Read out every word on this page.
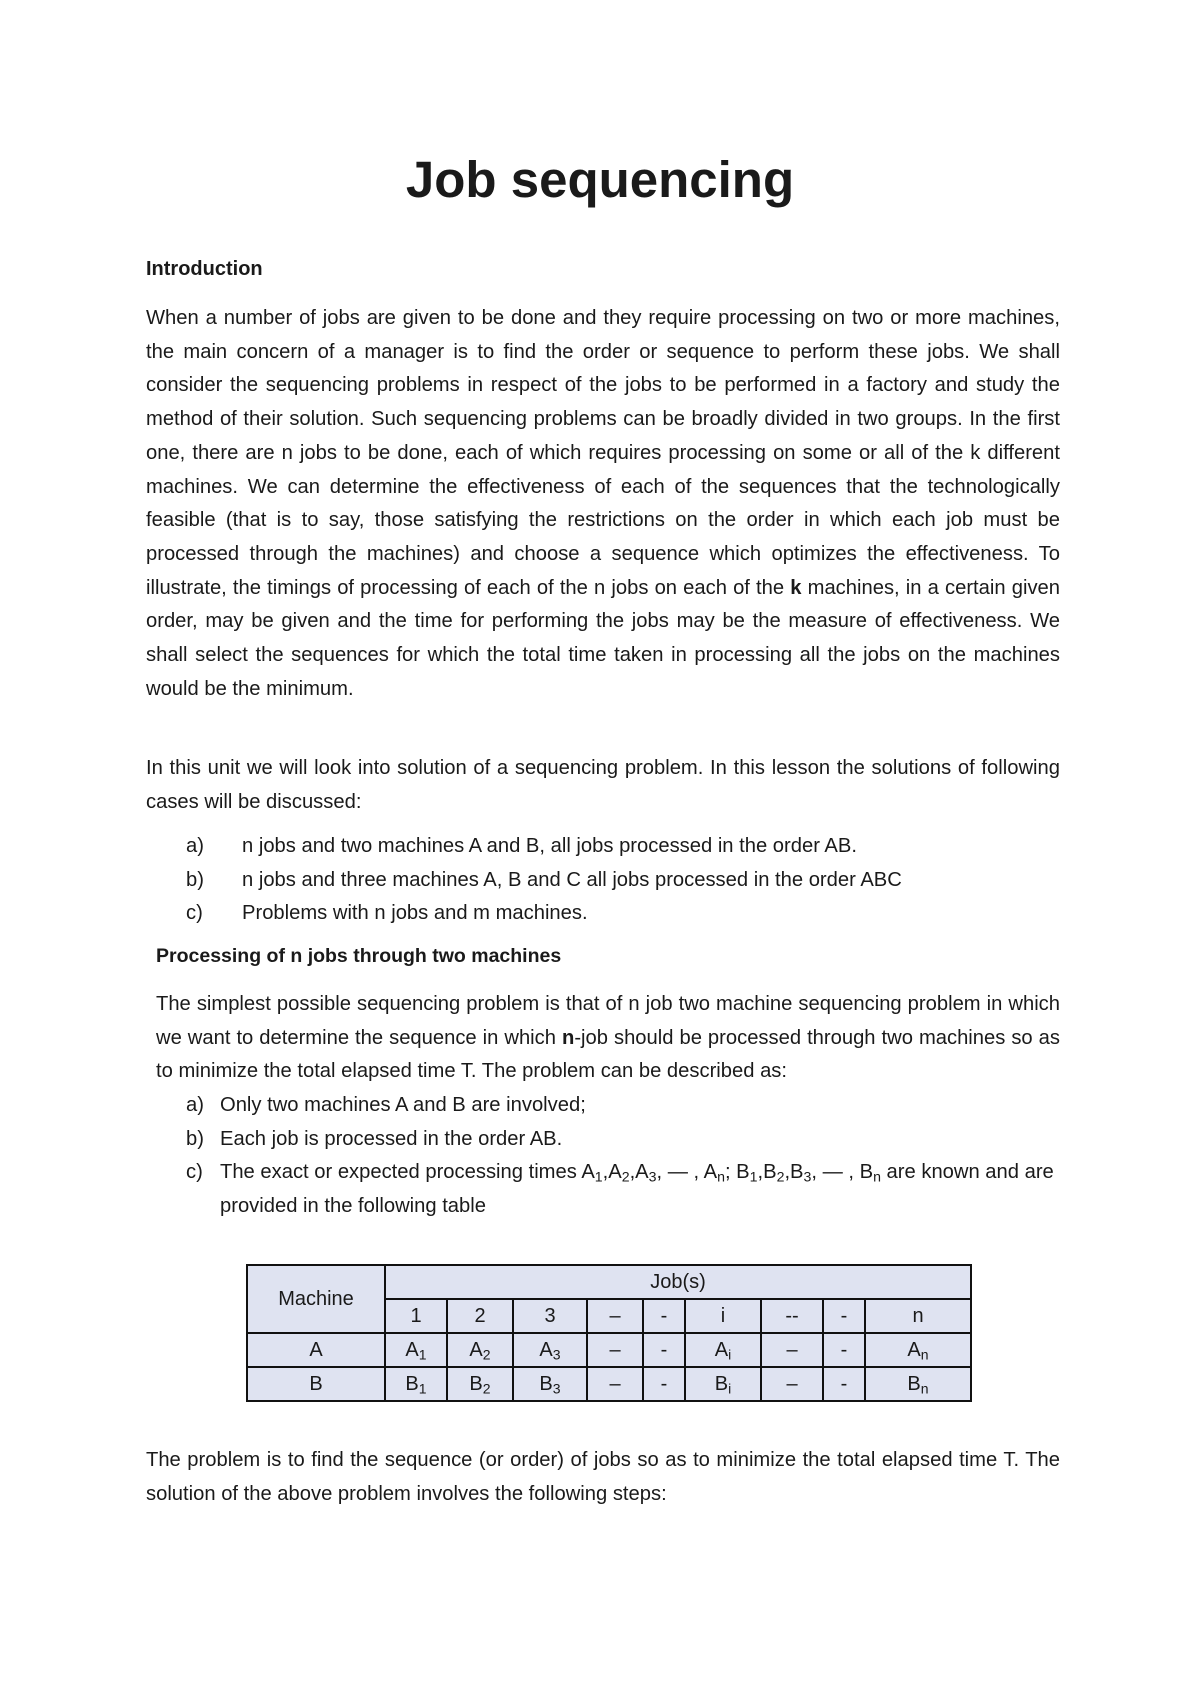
Job sequencing
Introduction

When a number of jobs are given to be done and they require processing on two or more machines, the main concern of a manager is to find the order or sequence to perform these jobs. We shall consider the sequencing problems in respect of the jobs to be performed in a factory and study the method of their solution. Such sequencing problems can be broadly divided in two groups. In the first one, there are n jobs to be done, each of which requires processing on some or all of the k different machines. We can determine the effectiveness of each of the sequences that the technologically feasible (that is to say, those satisfying the restrictions on the order in which each job must be processed through the machines) and choose a sequence which optimizes the effectiveness. To illustrate, the timings of processing of each of the n jobs on each of the k machines, in a certain given order, may be given and the time for performing the jobs may be the measure of effectiveness. We shall select the sequences for which the total time taken in processing all the jobs on the machines would be the minimum.

In this unit we will look into solution of a sequencing problem. In this lesson the solutions of following cases will be discussed:

a) n jobs and two machines A and B, all jobs processed in the order AB.
b) n jobs and three machines A, B and C all jobs processed in the order ABC
c) Problems with n jobs and m machines.
Processing of n jobs through two machines

The simplest possible sequencing problem is that of n job two machine sequencing problem in which we want to determine the sequence in which n-job should be processed through two machines so as to minimize the total elapsed time T. The problem can be described as:

a) Only two machines A and B are involved;
b) Each job is processed in the order AB.
c) The exact or expected processing times $A_1,A_2,A_3$, — , $A_n$; $B_1,B_2,B_3$, — , $B_n$ are known and are provided in the following table
Machine	Job(s)								
	1	2	3	–	-	i	--	-	n
A	$A_1$	$A_2$	$A_3$	–	-	$A_i$	–	-	$A_n$
B	$B_1$	$B_2$	$B_3$	–	-	$B_i$	–	-	$B_n$

The problem is to find the sequence (or order) of jobs so as to minimize the total elapsed time T. The solution of the above problem involves the following steps:
